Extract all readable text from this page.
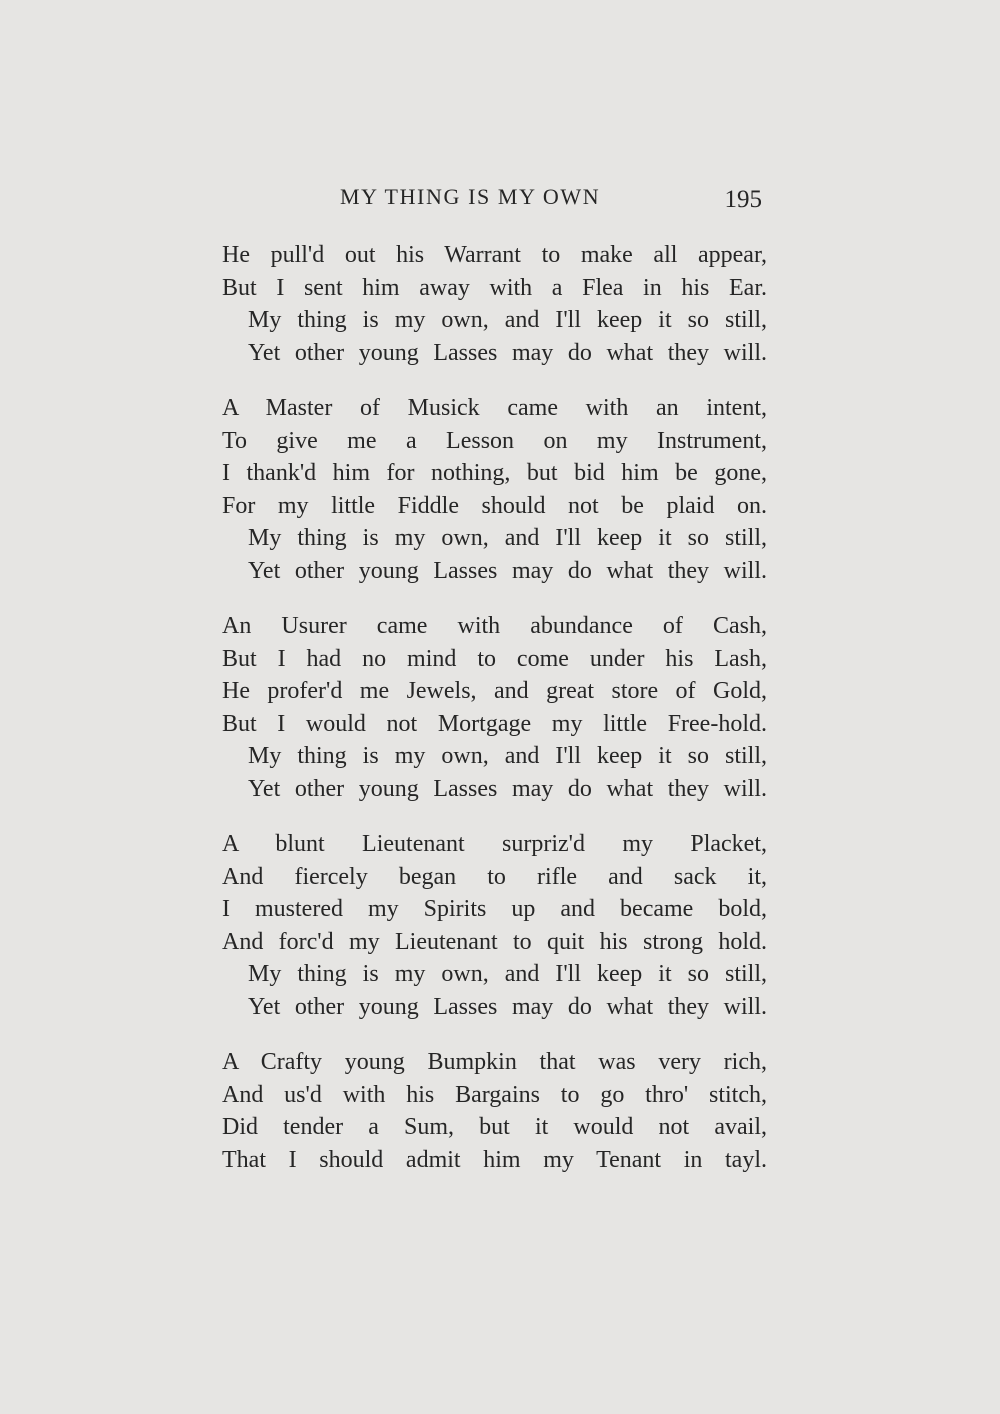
MY THING IS MY OWN	195
He pull'd out his Warrant to make all appear,
But I sent him away with a Flea in his Ear.
My thing is my own, and I'll keep it so still,
Yet other young Lasses may do what they will.
A Master of Musick came with an intent,
To give me a Lesson on my Instrument,
I thank'd him for nothing, but bid him be gone,
For my little Fiddle should not be plaid on.
My thing is my own, and I'll keep it so still,
Yet other young Lasses may do what they will.
An Usurer came with abundance of Cash,
But I had no mind to come under his Lash,
He profer'd me Jewels, and great store of Gold,
But I would not Mortgage my little Free-hold.
My thing is my own, and I'll keep it so still,
Yet other young Lasses may do what they will.
A blunt Lieutenant surpriz'd my Placket,
And fiercely began to rifle and sack it,
I mustered my Spirits up and became bold,
And forc'd my Lieutenant to quit his strong hold.
My thing is my own, and I'll keep it so still,
Yet other young Lasses may do what they will.
A Crafty young Bumpkin that was very rich,
And us'd with his Bargains to go thro' stitch,
Did tender a Sum, but it would not avail,
That I should admit him my Tenant in tayl.
